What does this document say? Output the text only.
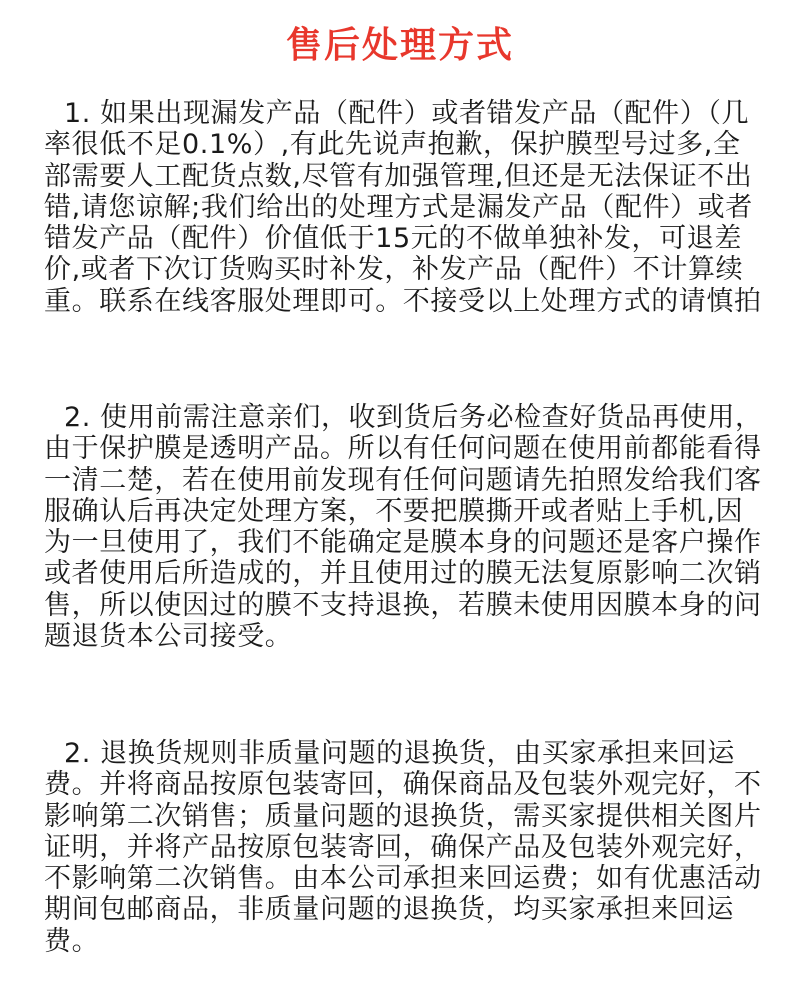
售后处理方式
1. 如果出现漏发产品（配件）或者错发产品（配件）（几率很低不足0.1%）,有此先说声抱歉，保护膜型号过多,全部需要人工配货点数,尽管有加强管理,但还是无法保证不出错,请您谅解;我们给出的处理方式是漏发产品（配件）或者错发产品（配件）价值低于15元的不做单独补发，可退差价,或者下次订货购买时补发，补发产品（配件）不计算续重。联系在线客服处理即可。不接受以上处理方式的请慎拍
2. 使用前需注意亲们，收到货后务必检查好货品再使用，由于保护膜是透明产品。所以有任何问题在使用前都能看得一清二楚，若在使用前发现有任何问题请先拍照发给我们客服确认后再决定处理方案，不要把膜撕开或者贴上手机,因为一旦使用了，我们不能确定是膜本身的问题还是客户操作或者使用后所造成的，并且使用过的膜无法复原影响二次销售，所以使因过的膜不支持退换，若膜未使用因膜本身的问题退货本公司接受。
2. 退换货规则非质量问题的退换货，由买家承担来回运费。并将商品按原包装寄回，确保商品及包装外观完好，不影响第二次销售；质量问题的退换货，需买家提供相关图片证明，并将产品按原包装寄回，确保产品及包装外观完好，不影响第二次销售。由本公司承担来回运费；如有优惠活动期间包邮商品，非质量问题的退换货，均买家承担来回运费。
